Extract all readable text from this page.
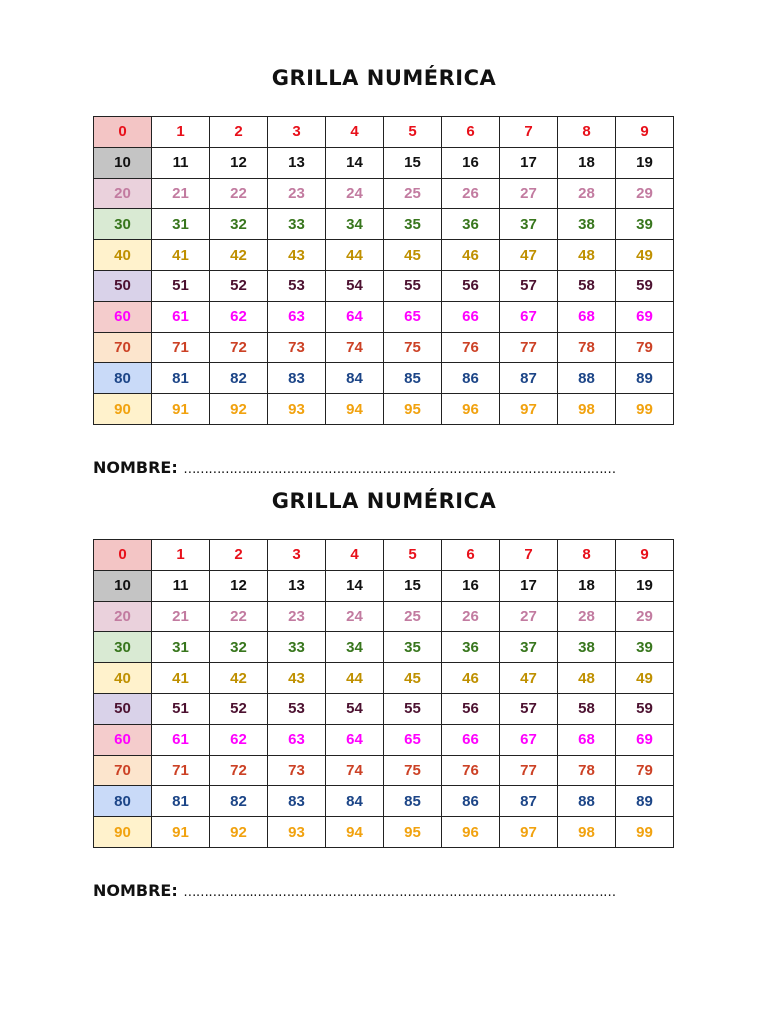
GRILLA NUMÉRICA
0	1	2	3	4	5	6	7	8	9
10	11	12	13	14	15	16	17	18	19
20	21	22	23	24	25	26	27	28	29
30	31	32	33	34	35	36	37	38	39
40	41	42	43	44	45	46	47	48	49
50	51	52	53	54	55	56	57	58	59
60	61	62	63	64	65	66	67	68	69
70	71	72	73	74	75	76	77	78	79
80	81	82	83	84	85	86	87	88	89
90	91	92	93	94	95	96	97	98	99
NOMBRE: ……………..……………………………………………………………………………
GRILLA NUMÉRICA
0	1	2	3	4	5	6	7	8	9
10	11	12	13	14	15	16	17	18	19
20	21	22	23	24	25	26	27	28	29
30	31	32	33	34	35	36	37	38	39
40	41	42	43	44	45	46	47	48	49
50	51	52	53	54	55	56	57	58	59
60	61	62	63	64	65	66	67	68	69
70	71	72	73	74	75	76	77	78	79
80	81	82	83	84	85	86	87	88	89
90	91	92	93	94	95	96	97	98	99
NOMBRE: ……………..……………………………………………………………………………
